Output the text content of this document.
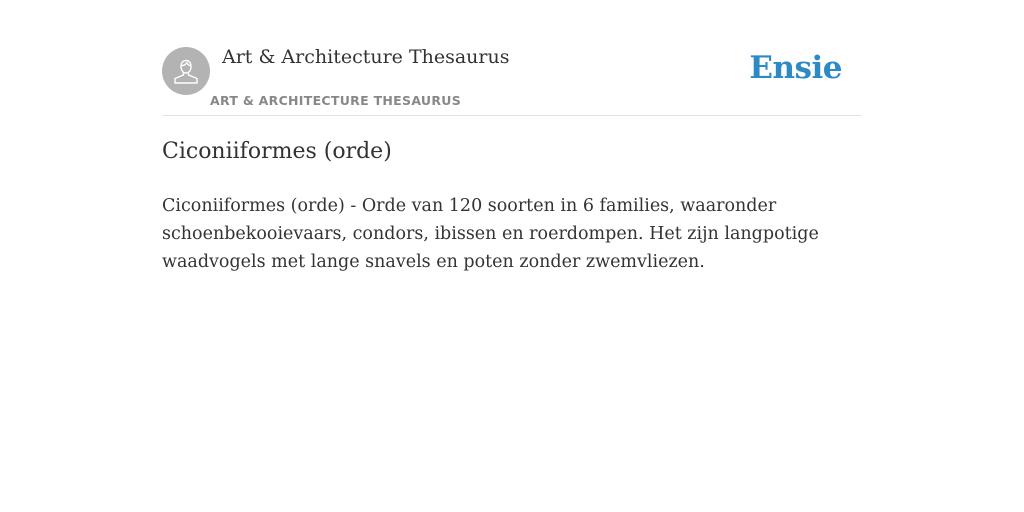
Art & Architecture Thesaurus
ART & ARCHITECTURE THESAURUS
Ensie
Ciconiiformes (orde)

Ciconiiformes (orde) - Orde van 120 soorten in 6 families, waaronder schoenbekooievaars, condors, ibissen en roerdompen. Het zijn langpotige waadvogels met lange snavels en poten zonder zwemvliezen.
